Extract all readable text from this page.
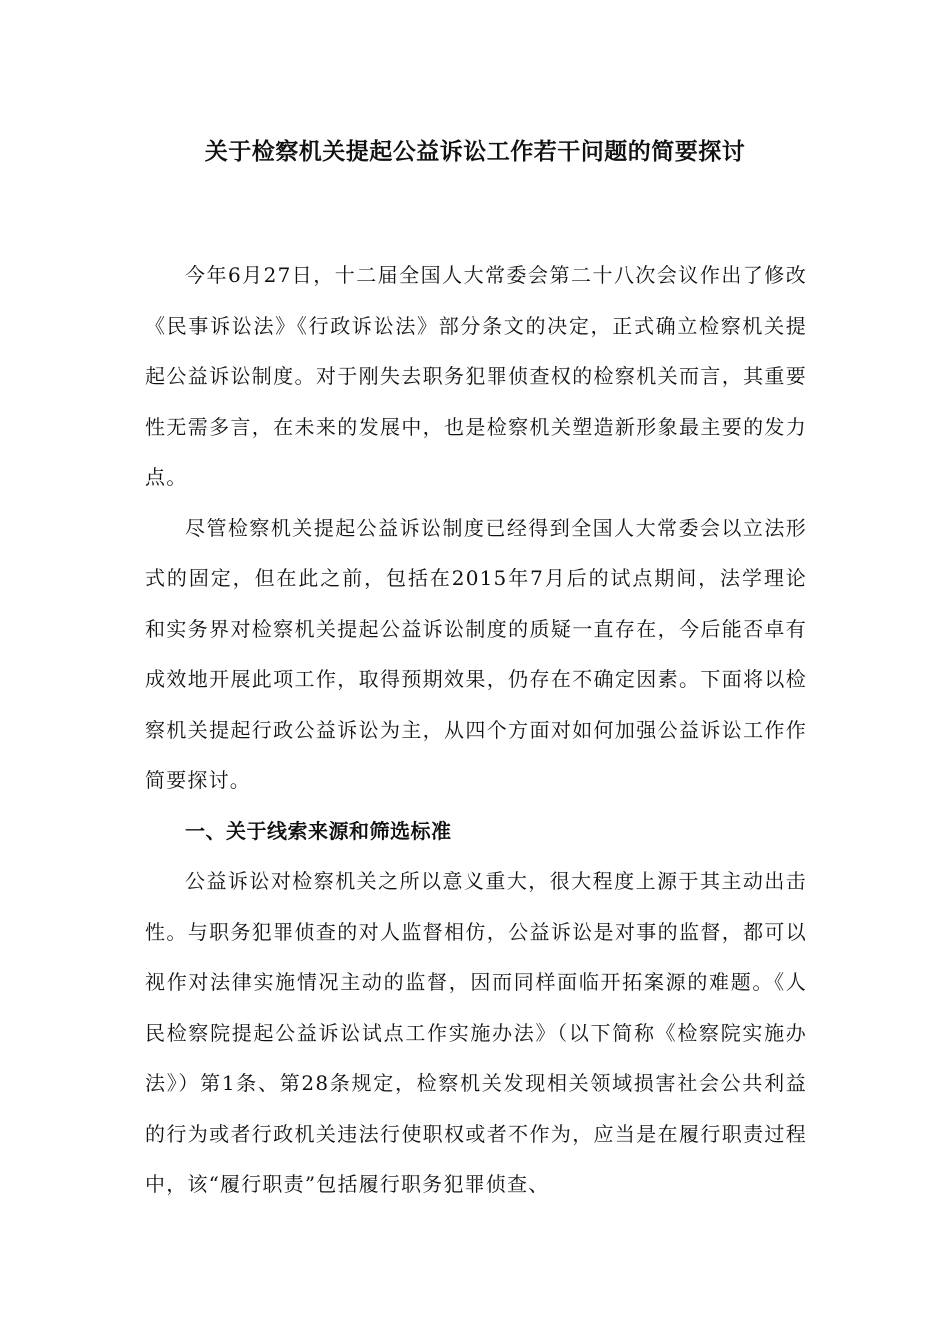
关于检察机关提起公益诉讼工作若干问题的简要探讨

今年6月27日，十二届全国人大常委会第二十八次会议作出了修改《民事诉讼法》《行政诉讼法》部分条文的决定，正式确立检察机关提起公益诉讼制度。对于刚失去职务犯罪侦查权的检察机关而言，其重要性无需多言，在未来的发展中，也是检察机关塑造新形象最主要的发力点。

尽管检察机关提起公益诉讼制度已经得到全国人大常委会以立法形式的固定，但在此之前，包括在2015年7月后的试点期间，法学理论和实务界对检察机关提起公益诉讼制度的质疑一直存在，今后能否卓有成效地开展此项工作，取得预期效果，仍存在不确定因素。下面将以检察机关提起行政公益诉讼为主，从四个方面对如何加强公益诉讼工作作简要探讨。

一、关于线索来源和筛选标准

公益诉讼对检察机关之所以意义重大，很大程度上源于其主动出击性。与职务犯罪侦查的对人监督相仿，公益诉讼是对事的监督，都可以视作对法律实施情况主动的监督，因而同样面临开拓案源的难题。《人民检察院提起公益诉讼试点工作实施办法》（以下简称《检察院实施办法》）第1条、第28条规定，检察机关发现相关领域损害社会公共利益的行为或者行政机关违法行使职权或者不作为，应当是在履行职责过程中，该“履行职责”包括履行职务犯罪侦查、
